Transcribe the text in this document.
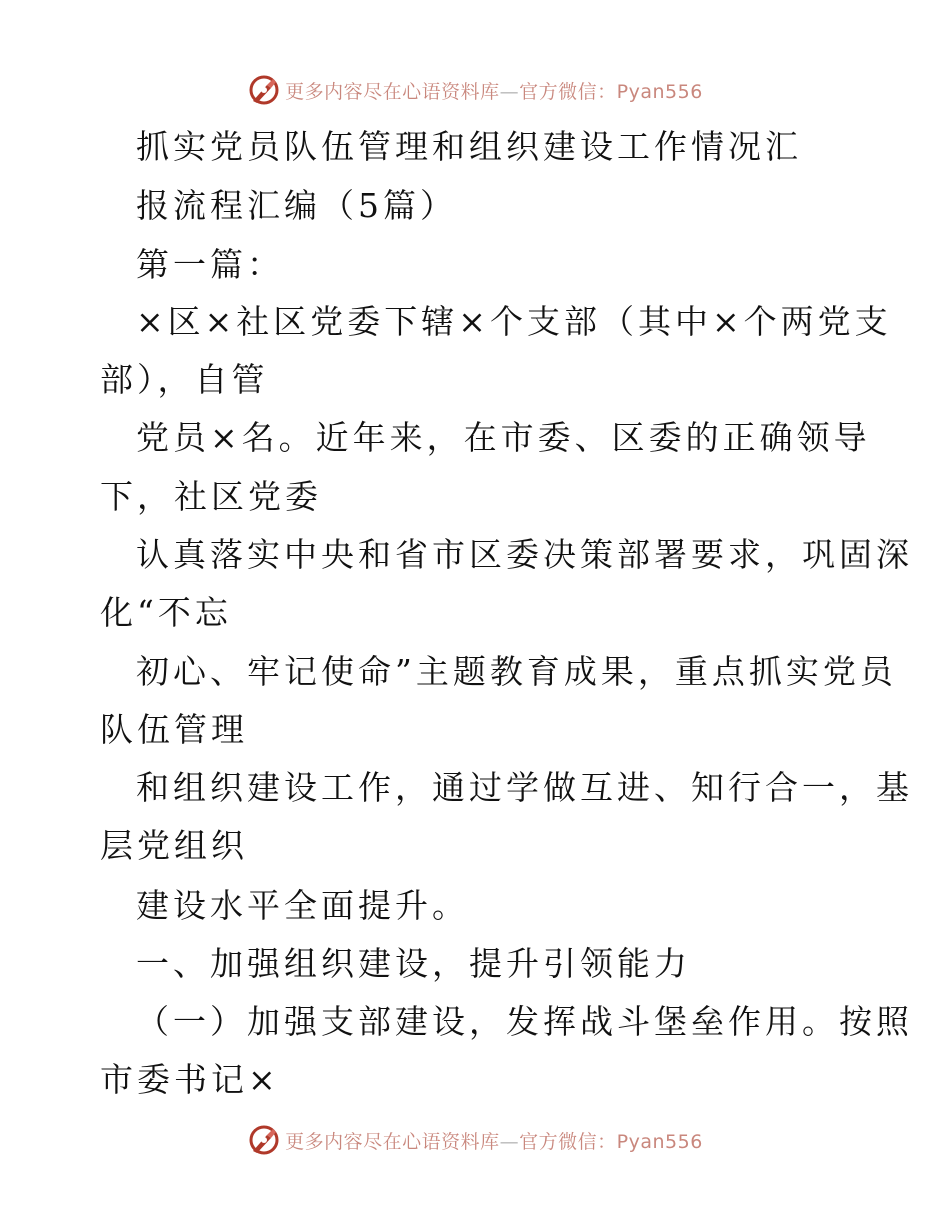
更多内容尽在心语资料库—官方微信：Pyan556
抓实党员队伍管理和组织建设工作情况汇
报流程汇编（5篇）
第一篇：
×区×社区党委下辖×个支部（其中×个两党支
部），自管
党员×名。近年来，在市委、区委的正确领导
下，社区党委
认真落实中央和省市区委决策部署要求，巩固深
化“不忘
初心、牢记使命”主题教育成果，重点抓实党员
队伍管理
和组织建设工作，通过学做互进、知行合一，基
层党组织
建设水平全面提升。
一、加强组织建设，提升引领能力
（一）加强支部建设，发挥战斗堡垒作用。按照
市委书记×
更多内容尽在心语资料库—官方微信：Pyan556
